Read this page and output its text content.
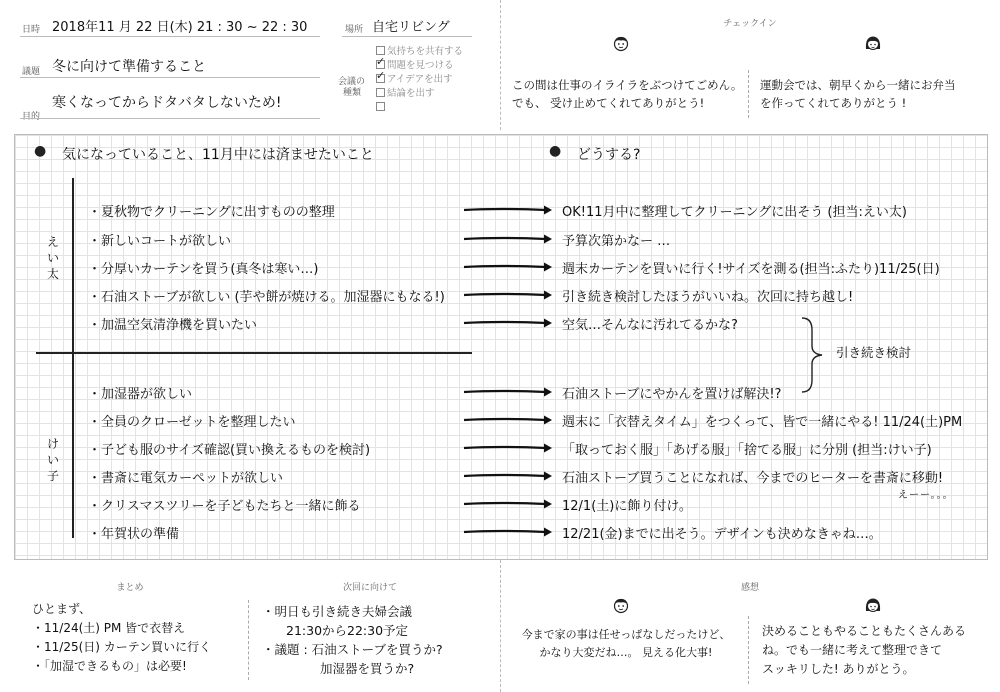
日時 2018年11 月 22 日(木) 21 : 30 ~ 22 : 30	場所 自宅リビング
議題 冬に向けて準備すること
目的
寒くなってからドタバタしないため!
会議の
種類
気持ちを共有する
✓問題を見つける
✓アイデアを出す
結論を出す
チェックイン
この間は仕事のイライラをぶつけてごめん。
でも、 受け止めてくれてありがとう!
運動会では、朝早くから一緒にお弁当
を作ってくれてありがとう !
● 気になっていること、11月中には済ませたいこと	● どうする?
え
い
太
け
い
子
・夏秋物でクリーニングに出すものの整理	OK!11月中に整理してクリーニングに出そう (担当:えい太)
・新しいコートが欲しい	予算次第かなー …
・分厚いカーテンを買う(真冬は寒い…)	週末カーテンを買いに行く!サイズを測る(担当:ふたり)11/25(日)
・石油ストーブが欲しい (芋や餅が焼ける。加湿器にもなる!)	引き続き検討したほうがいいね。次回に持ち越し!
・加温空気清浄機を買いたい	空気…そんなに汚れてるかな?
・加湿器が欲しい	石油ストーブにやかんを置けば解決!?
・全員のクローゼットを整理したい	週末に「衣替えタイム」をつくって、皆で一緒にやる! 11/24(土)PM
・子ども服のサイズ確認(買い換えるものを検討)	「取っておく服」「あげる服」「捨てる服」に分別 (担当:けい子)
・書斎に電気カーペットが欲しい	石油ストーブ買うことになれば、今までのヒーターを書斎に移動!
・クリスマスツリーを子どもたちと一緒に飾る	12/1(土)に飾り付け。
・年賀状の準備	12/21(金)までに出そう。デザインも決めなきゃね…。
引き続き検討
えーー。。。
まとめ
ひとまず、
・11/24(土) PM 皆で衣替え
・11/25(日) カーテン買いに行く
・「加湿できるもの」は必要!
次回に向けて
・明日も引き続き夫婦会議
21:30から22:30予定
・議題 : 石油ストーブを買うか?
加湿器を買うか?
感想
今まで家の事は任せっぱなしだったけど、
かなり大変だね…。 見える化大事!
決めることもやることもたくさんある
ね。でも一緒に考えて整理できて
スッキリした! ありがとう。
